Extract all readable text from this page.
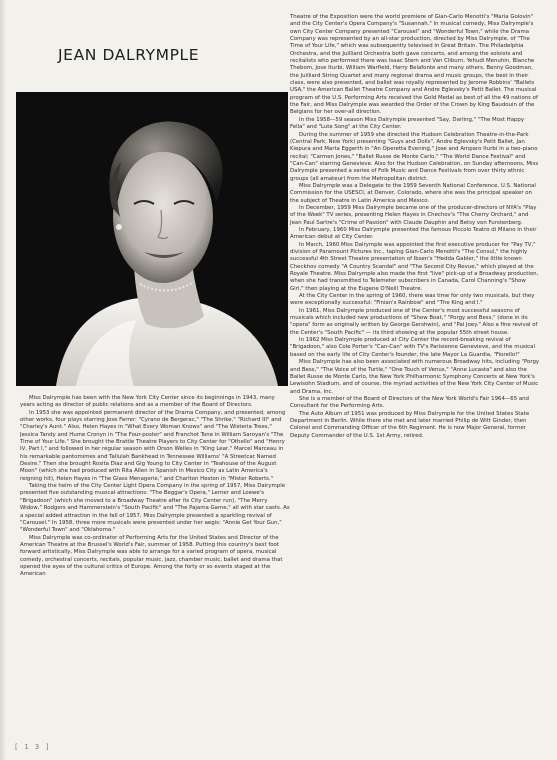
JEAN DALRYMPLE

Miss Dalrymple has been with the New York City Center since its beginnings in 1943, many years acting as director of public relations and as a member of the Board of Directors.

In 1953 she was appointed permanent director of the Drama Company, and presented, among other works, four plays starring Jose Ferrer: "Cyrano de Bergerac," "The Shrike," "Richard III" and "Charley's Aunt." Also, Helen Hayes in "What Every Woman Knows" and "The Wisteria Trees," Jessica Tandy and Hume Cronyn in "The Four-poster" and Franchot Tone in William Saroyan's "The Time of Your Life." She brought the Brattle Theatre Players to City Center for "Othello" and "Henry IV, Part I," and followed in her regular season with Orson Welles in "King Lear," Marcel Marceau in his remarkable pantomimes and Tallulah Bankhead in Tennessee Williams' "A Streetcar Named Desire." Then she brought Rosita Diaz and Gig Young to City Center in "Teahouse of the August Moon" (which she had produced with Rita Allen in Spanish in Mexico City as Latin America's reigning hit), Helen Hayes in "The Glass Menagerie," and Charlton Heston in "Mister Roberts."

Taking the helm of the City Center Light Opera Company in the spring of 1957, Miss Dalrymple presented five outstanding musical attractions: "The Beggar's Opera," Lerner and Loewe's "Brigadoon" (which she moved to a Broadway Theatre after its City Center run), "The Merry Widow," Rodgers and Hammerstein's "South Pacific" and "The Pajama Game," all with star casts. As a special added attraction in the fall of 1957, Miss Dalrymple presented a sparkling revival of "Carousel." In 1958, three more musicals were presented under her aegis: "Annie Get Your Gun," "Wonderful Town" and "Oklahoma."

Miss Dalrymple was co-ordinator of Performing Arts for the United States and Director of the American Theatre at the Brussel's World's Fair, summer of 1958. Putting this country's best foot forward artistically, Miss Dalrymple was able to arrange for a varied program of opera, musical comedy, orchestral concerts, recitals, popular music, jazz, chamber music, ballet and drama that opened the eyes of the cultural critics of Europe. Among the forty or so events staged at the American

Theatre of the Exposition were the world premiere of Gian-Carlo Menotti's "Maria Golovin" and the City Center's Opera Company's "Susannah." In musical comedy, Miss Dalrymple's own City Center Company presented "Carousel" and "Wonderful Town," while the Drama Company was represented by an all-star production, directed by Miss Dalrymple, of "The Time of Your Life," which was subsequently televised in Great Britain. The Philadelphia Orchestra, and the Juilliard Orchestra both gave concerts, and among the soloists and recitalists who performed there was Isaac Stern and Van Cliburn, Yehudi Menuhin, Blanche Thebom, Jose Iturbi, William Warfield, Harry Belafonte and many others. Benny Goodman, the Juilliard String Quartet and many regional drama and music groups, the best in their class, were also presented, and ballet was royally represented by Jerome Robbins' "Ballets USA," the American Ballet Theatre Company and Andre Eglevsky's Petit Ballet. The musical program of the U.S. Performing Arts received the Gold Medal as best of all the 49 nations of the Fair, and Miss Dalrymple was awarded the Order of the Crown by King Baudouin of the Belgians for her over-all direction.

In the 1958—59 season Miss Dalrymple presented "Say, Darling," "The Most Happy Fella" and "Lute Song" at the City Center.

During the summer of 1959 she directed the Hudson Celebration Theatre-in-the-Park (Central Park, New York) presenting "Guys and Dolls", Andre Eglevsky's Petit Ballet, Jan Kiepura and Marta Eggerth in "An Operetta Evening," Jose and Amparo Iturbi in a two-piano recital; "Carmen Jones," "Ballet Russe de Monte Carlo," "The World Dance Festival" and "Can-Can" starring Genevieve. Also for the Hudson Celebration, on Sunday afternoons, Miss Dalrymple presented a series of Folk Music and Dance Festivals from over thirty ethnic groups (all amateur) from the Metropolitan district.

Miss Dalrymple was a Delegate to the 1959 Seventh National Conference, U.S. National Commission for the USESCI, at Denver, Colorado, where she was the principal speaker on the subject of Theatre in Latin America and Mexico.

In December, 1959 Miss Dalrymple became one of the producer-directors of NYA's "Play of the Week" TV series, presenting Helen Hayes in Chechov's "The Cherry Orchard," and Jean Paul Sartre's "Crime of Passion" with Claude Dauphin and Betsy von Furstenberg.

In February, 1960 Miss Dalrymple presented the famous Piccolo Teatro di Milano in their American debut at City Center.

In March, 1960 Miss Dalrymple was appointed the first executive producer for "Pay TV," division of Paramount Pictures Inc., taping Gian-Carlo Menotti's "The Consul," the highly successful 4th Street Theatre presentation of Ibsen's "Hedda Gabler," the little known Checkhov comedy "A Country Scandal" and "The Second City Revue," which played at the Royale Theatre. Miss Dalrymple also made the first "live" pick-up of a Broadway production, when she had transmitted to Telemeter subscribers in Canada, Carol Channing's "Show Girl," then playing at the Eugene O'Neill Theatre.

At the City Center in the spring of 1960, there was time for only two musicals, but they were exceptionally successful: "Finian's Rainbow" and "The King and I."

In 1961, Miss Dalrymple produced one of the Center's most successful seasons of musicals which included new productions of "Show Boat," "Porgy and Bess," (done in its "opera" form as originally written by George Gershwin), and "Pal Joey." Also a fine revival of the Center's "South Pacific" — its third showing at the popular 55th street house.

In 1962 Miss Dalrymple produced at City Center the record-breaking revival of "Brigadoon," also Cole Porter's "Can-Can" with TV's Parisienne Genevieve, and the musical based on the early life of City Center's founder, the late Mayor La Guardia, "Fiorello!"

Miss Dalrymple has also been associated with numerous Broadway hits, including "Porgy and Bess," "The Voice of the Turtle," "One Touch of Venus," "Anne Lucasta" and also the Ballet Russe de Monte Carlo, the New York Philharmonic Symphony Concerts at New York's Lewisohn Stadium, and of course, the myriad activities of the New York City Center of Music and Drama, Inc.

She is a member of the Board of Directors of the New York World's Fair 1964—65 and Consultant for the Performing Arts.

The Auto Album of 1951 was produced by Miss Dalrymple for the United States State Department in Berlin. While there she met and later married Philip de Witt Ginder, then Colonel and Commanding Officer of the 6th Regiment. He is now Major General, former Deputy Commander of the U.S. 1st Army, retired.

[ 1 3 ]
